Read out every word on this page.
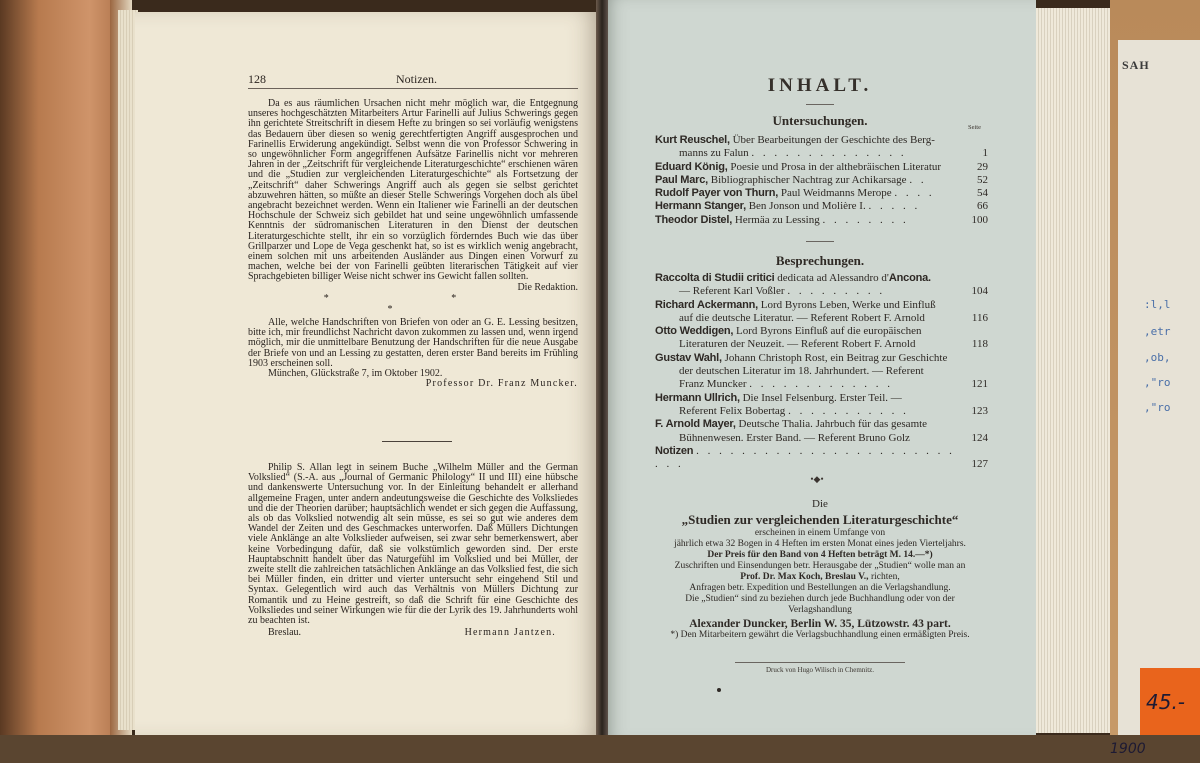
SAH
:l,l
,etr
,ob,
,"ro
,"ro
45.-
1900
128	Notizen.

Da es aus räumlichen Ursachen nicht mehr möglich war, die Entgegnung unseres hochgeschätzten Mitarbeiters Artur Farinelli auf Julius Schwerings gegen ihn gerichtete Streitschrift in diesem Hefte zu bringen so sei vorläufig wenigstens das Bedauern über diesen so wenig gerechtfertigten Angriff ausgesprochen und Farinellis Erwiderung angekündigt. Selbst wenn die von Professor Schwering in so ungewöhnlicher Form angegriffenen Aufsätze Farinellis nicht vor mehreren Jahren in der „Zeitschrift für vergleichende Literaturgeschichte“ erschienen wären und die „Studien zur vergleichenden Literaturgeschichte“ als Fortsetzung der „Zeitschrift“ daher Schwerings Angriff auch als gegen sie selbst gerichtet abzuwehren hätten, so müßte an dieser Stelle Schwerings Vorgehen doch als übel angebracht bezeichnet werden. Wenn ein Italiener wie Farinelli an der deutschen Hochschule der Schweiz sich gebildet hat und seine ungewöhnlich umfassende Kenntnis der südromanischen Literaturen in den Dienst der deutschen Literaturgeschichte stellt, ihr ein so vorzüglich förderndes Buch wie das über Grillparzer und Lope de Vega geschenkt hat, so ist es wirklich wenig angebracht, einem solchen mit uns arbeitenden Ausländer aus Dingen einen Vorwurf zu machen, welche bei der von Farinelli geübten literarischen Tätigkeit auf vier Sprachgebieten billiger Weise nicht schwer ins Gewicht fallen sollten.

Die Redaktion.
* * *

Alle, welche Handschriften von Briefen von oder an G. E. Lessing besitzen, bitte ich, mir freundlichst Nachricht davon zukommen zu lassen und, wenn irgend möglich, mir die unmittelbare Benutzung der Handschriften für die neue Ausgabe der Briefe von und an Lessing zu gestatten, deren erster Band bereits im Frühling 1903 erscheinen soll.

München, Glückstraße 7, im Oktober 1902.

Professor Dr. Franz Muncker.

Philip S. Allan legt in seinem Buche „Wilhelm Müller and the German Volkslied“ (S.-A. aus „Journal of Germanic Philology“ II und III) eine hübsche und dankenswerte Untersuchung vor. In der Einleitung behandelt er allerhand allgemeine Fragen, unter andern andeutungsweise die Geschichte des Volksliedes und die der Theorien darüber; hauptsächlich wendet er sich gegen die Auffassung, als ob das Volkslied notwendig alt sein müsse, es sei so gut wie anderes dem Wandel der Zeiten und des Geschmackes unterworfen. Daß Müllers Dichtungen viele Anklänge an alte Volkslieder aufweisen, sei zwar sehr bemerkenswert, aber keine Vorbedingung dafür, daß sie volkstümlich geworden sind. Der erste Hauptabschnitt handelt über das Naturgefühl im Volkslied und bei Müller, der zweite stellt die zahlreichen tatsächlichen Anklänge an das Volkslied fest, die sich bei Müller finden, ein dritter und vierter untersucht sehr eingehend Stil und Syntax. Gelegentlich wird auch das Verhältnis von Müllers Dichtung zur Romantik und zu Heine gestreift, so daß die Schrift für eine Geschichte des Volksliedes und seiner Wirkungen wie für die der Lyrik des 19. Jahrhunderts wohl zu beachten ist.

Breslau.	Hermann Jantzen.
INHALT.
Untersuchungen.	Seite
Kurt Reuschel, Über Bearbeitungen der Geschichte des Berg-
manns zu Falun . . . . . . . . . . . . . .	1
Eduard König, Poesie und Prosa in der althebräischen Literatur	29
Paul Marc, Bibliographischer Nachtrag zur Achikarsage . .	52
Rudolf Payer von Thurn, Paul Weidmanns Merope . . . .	54
Hermann Stanger, Ben Jonson und Molière I. . . . . .	66
Theodor Distel, Hermäa zu Lessing . . . . . . . .	100
Besprechungen.
Raccolta di Studii critici dedicata ad Alessandro d'Ancona.
— Referent Karl Voßler . . . . . . . . .	104
Richard Ackermann, Lord Byrons Leben, Werke und Einfluß
auf die deutsche Literatur. — Referent Robert F. Arnold	116
Otto Weddigen, Lord Byrons Einfluß auf die europäischen
Literaturen der Neuzeit. — Referent Robert F. Arnold	118
Gustav Wahl, Johann Christoph Rost, ein Beitrag zur Geschichte
der deutschen Literatur im 18. Jahrhundert. — Referent
Franz Muncker . . . . . . . . . . . . .	121
Hermann Ullrich, Die Insel Felsenburg. Erster Teil. —
Referent Felix Bobertag . . . . . . . . . . .	123
F. Arnold Mayer, Deutsche Thalia. Jahrbuch für das gesamte
Bühnenwesen. Erster Band. — Referent Bruno Golz	124
Notizen . . . . . . . . . . . . . . . . . . . . . . . . . .	127
•◆•
Die
„Studien zur vergleichenden Literaturgeschichte“
erscheinen in einem Umfange von
jährlich etwa 32 Bogen in 4 Heften im ersten Monat eines jeden Vierteljahrs.
Der Preis für den Band von 4 Heften beträgt M. 14.—*)
Zuschriften und Einsendungen betr. Herausgabe der „Studien“ wolle man an
Prof. Dr. Max Koch, Breslau V., richten,
Anfragen betr. Expedition und Bestellungen an die Verlagshandlung.
Die „Studien“ sind zu beziehen durch jede Buchhandlung oder von der Verlagshandlung
Alexander Duncker, Berlin W. 35, Lützowstr. 43 part.
*) Den Mitarbeitern gewährt die Verlagsbuchhandlung einen ermäßigten Preis.
Druck von Hugo Wilisch in Chemnitz.
